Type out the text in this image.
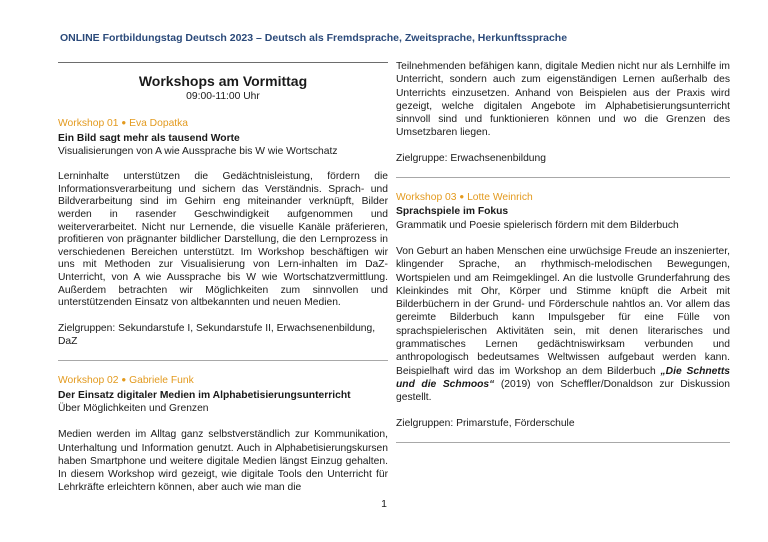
ONLINE Fortbildungstag Deutsch 2023 – Deutsch als Fremdsprache, Zweitsprache, Herkunftssprache
Workshops am Vormittag
09:00-11:00 Uhr
Workshop 01 ● Eva Dopatka
Ein Bild sagt mehr als tausend Worte
Visualisierungen von A wie Aussprache bis W wie Wortschatz

Lerninhalte unterstützen die Gedächtnisleistung, fördern die Informationsverarbeitung und sichern das Verständnis. Sprach- und Bildverarbeitung sind im Gehirn eng miteinander verknüpft, Bilder werden in rasender Geschwindigkeit aufgenommen und weiterverarbeitet. Nicht nur Lernende, die visuelle Kanäle präferieren, profitieren von prägnanter bildlicher Darstellung, die den Lernprozess in verschiedenen Bereichen unterstützt. Im Workshop beschäftigen wir uns mit Methoden zur Visualisierung von Lern-inhalten im DaZ-Unterricht, von A wie Aussprache bis W wie Wortschatzvermittlung. Außerdem betrachten wir Möglichkeiten zum sinnvollen und unterstützenden Einsatz von altbekannten und neuen Medien.

Zielgruppen: Sekundarstufe I, Sekundarstufe II, Erwachsenenbildung, DaZ
Workshop 02 ● Gabriele Funk
Der Einsatz digitaler Medien im Alphabetisierungsunterricht
Über Möglichkeiten und Grenzen

Medien werden im Alltag ganz selbstverständlich zur Kommunikation, Unterhaltung und Information genutzt. Auch in Alphabetisierungskursen haben Smartphone und weitere digitale Medien längst Einzug gehalten. In diesem Workshop wird gezeigt, wie digitale Tools den Unterricht für Lehrkräfte erleichtern können, aber auch wie man die

Teilnehmenden befähigen kann, digitale Medien nicht nur als Lernhilfe im Unterricht, sondern auch zum eigenständigen Lernen außerhalb des Unterrichts einzusetzen. Anhand von Beispielen aus der Praxis wird gezeigt, welche digitalen Angebote im Alphabetisierungsunterricht sinnvoll sind und funktionieren können und wo die Grenzen des Umsetzbaren liegen.

Zielgruppe: Erwachsenenbildung
Workshop 03 ● Lotte Weinrich
Sprachspiele im Fokus
Grammatik und Poesie spielerisch fördern mit dem Bilderbuch

Von Geburt an haben Menschen eine urwüchsige Freude an inszenierter, klingender Sprache, an rhythmisch-melodischen Bewegungen, Wortspielen und am Reimgeklingel. An die lustvolle Grunderfahrung des Kleinkindes mit Ohr, Körper und Stimme knüpft die Arbeit mit Bilderbüchern in der Grund- und Förderschule nahtlos an. Vor allem das gereimte Bilderbuch kann Impulsgeber für eine Fülle von sprachspielerischen Aktivitäten sein, mit denen literarisches und grammatisches Lernen gedächtniswirksam verbunden und anthropologisch bedeutsames Weltwissen aufgebaut werden kann. Beispielhaft wird das im Workshop an dem Bilderbuch „Die Schnetts und die Schmoos“ (2019) von Scheffler/Donaldson zur Diskussion gestellt.

Zielgruppen: Primarstufe, Förderschule
1
